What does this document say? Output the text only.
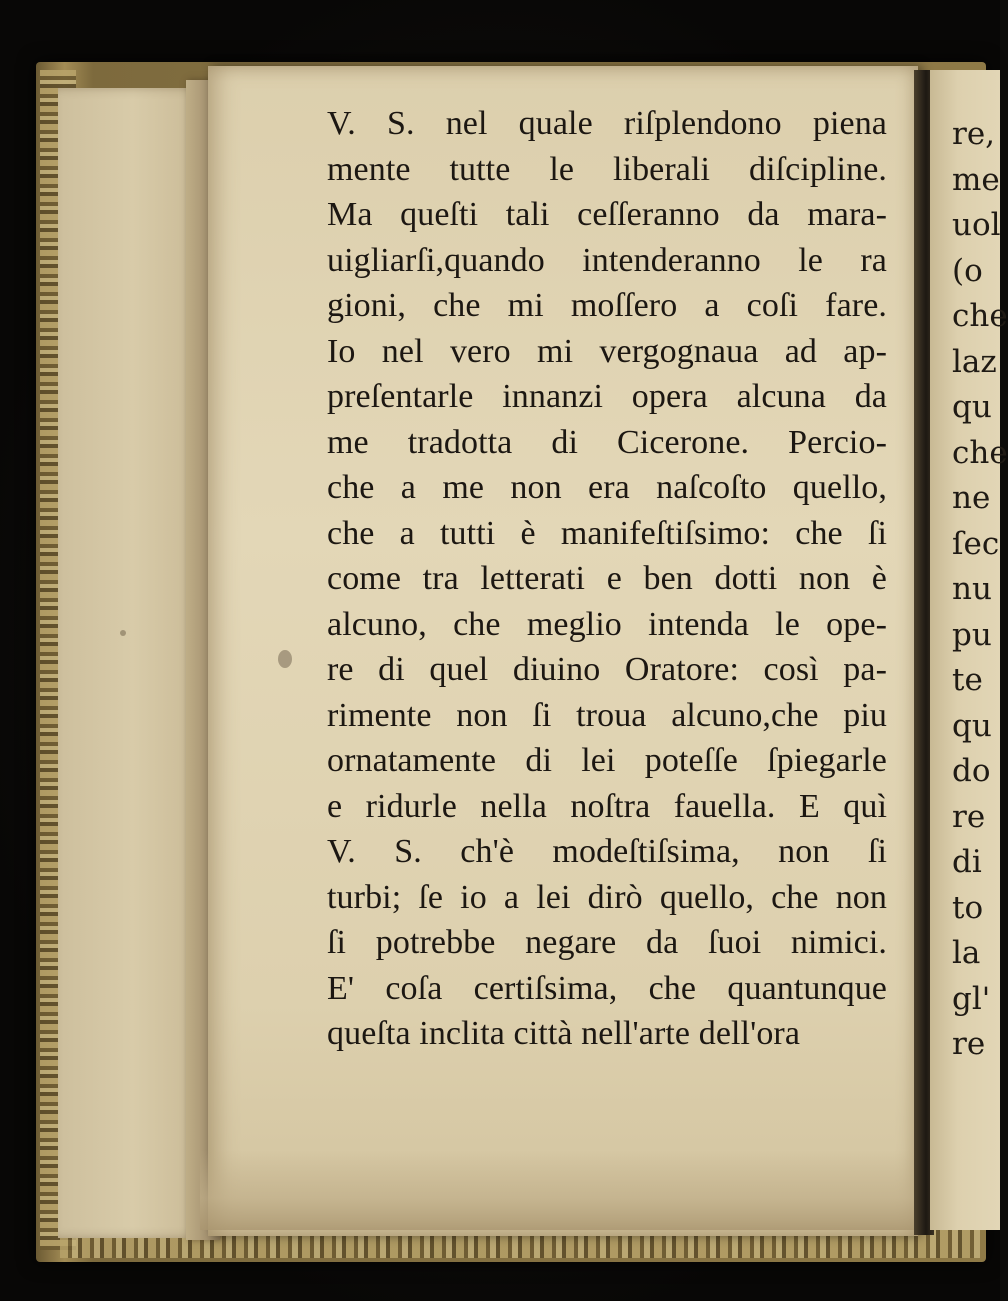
V. S. nel quale riſplendono piena
mente tutte le liberali diſcipline.
Ma queſti tali ceſſeranno da mara-
uigliarſi,quando intenderanno le ra
gioni, che mi moſſero a coſi fare.
Io nel vero mi vergognaua ad ap-
preſentarle innanzi opera alcuna da
me tradotta di Cicerone. Percio-
che a me non era naſcoſto quello,
che a tutti è manifeſtiſsimo: che ſi
come tra letterati e ben dotti non è
alcuno, che meglio intenda le ope-
re di quel diuino Oratore: così pa-
rimente non ſi troua alcuno,che piu
ornatamente di lei poteſſe ſpiegarle
e ridurle nella noſtra fauella. E quì
V. S. ch'è modeſtiſsima, non ſi
turbi; ſe io a lei dirò quello, che non
ſi potrebbe negare da ſuoi nimici.
E' coſa certiſsima, che quantunque
queſta inclita città nell'arte dell'ora
re,
me
uol
(o
che
laz
qu
che
ne
ſec
nu
pu
te
qu
do
re
di
to
la
gl'
re
